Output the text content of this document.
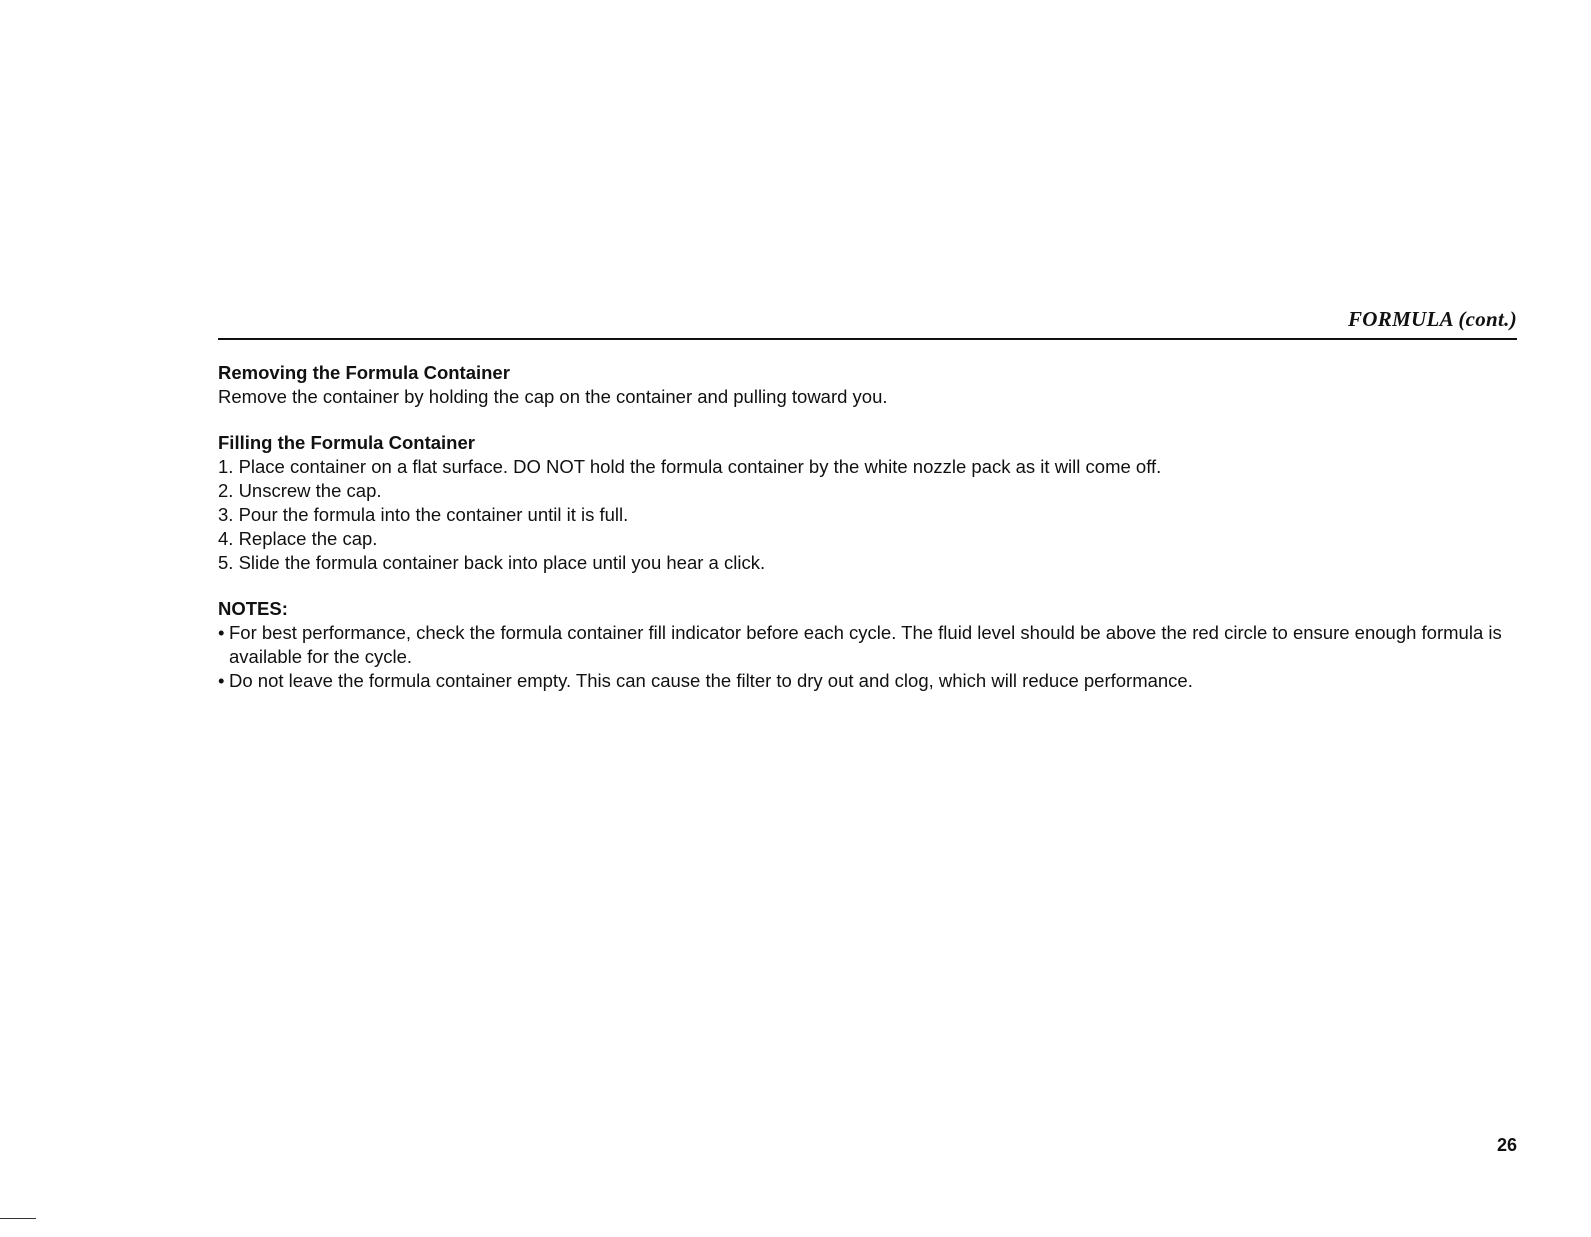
FORMULA (cont.)

Removing the Formula Container

Remove the container by holding the cap on the container and pulling toward you.

Filling the Formula Container

1. Place container on a flat surface. DO NOT hold the formula container by the white nozzle pack as it will come off.
2. Unscrew the cap.
3. Pour the formula into the container until it is full.
4. Replace the cap.
5. Slide the formula container back into place until you hear a click.

NOTES:

• For best performance, check the formula container fill indicator before each cycle. The fluid level should be above the red circle to ensure enough formula is available for the cycle.
• Do not leave the formula container empty. This can cause the filter to dry out and clog, which will reduce performance.
26
